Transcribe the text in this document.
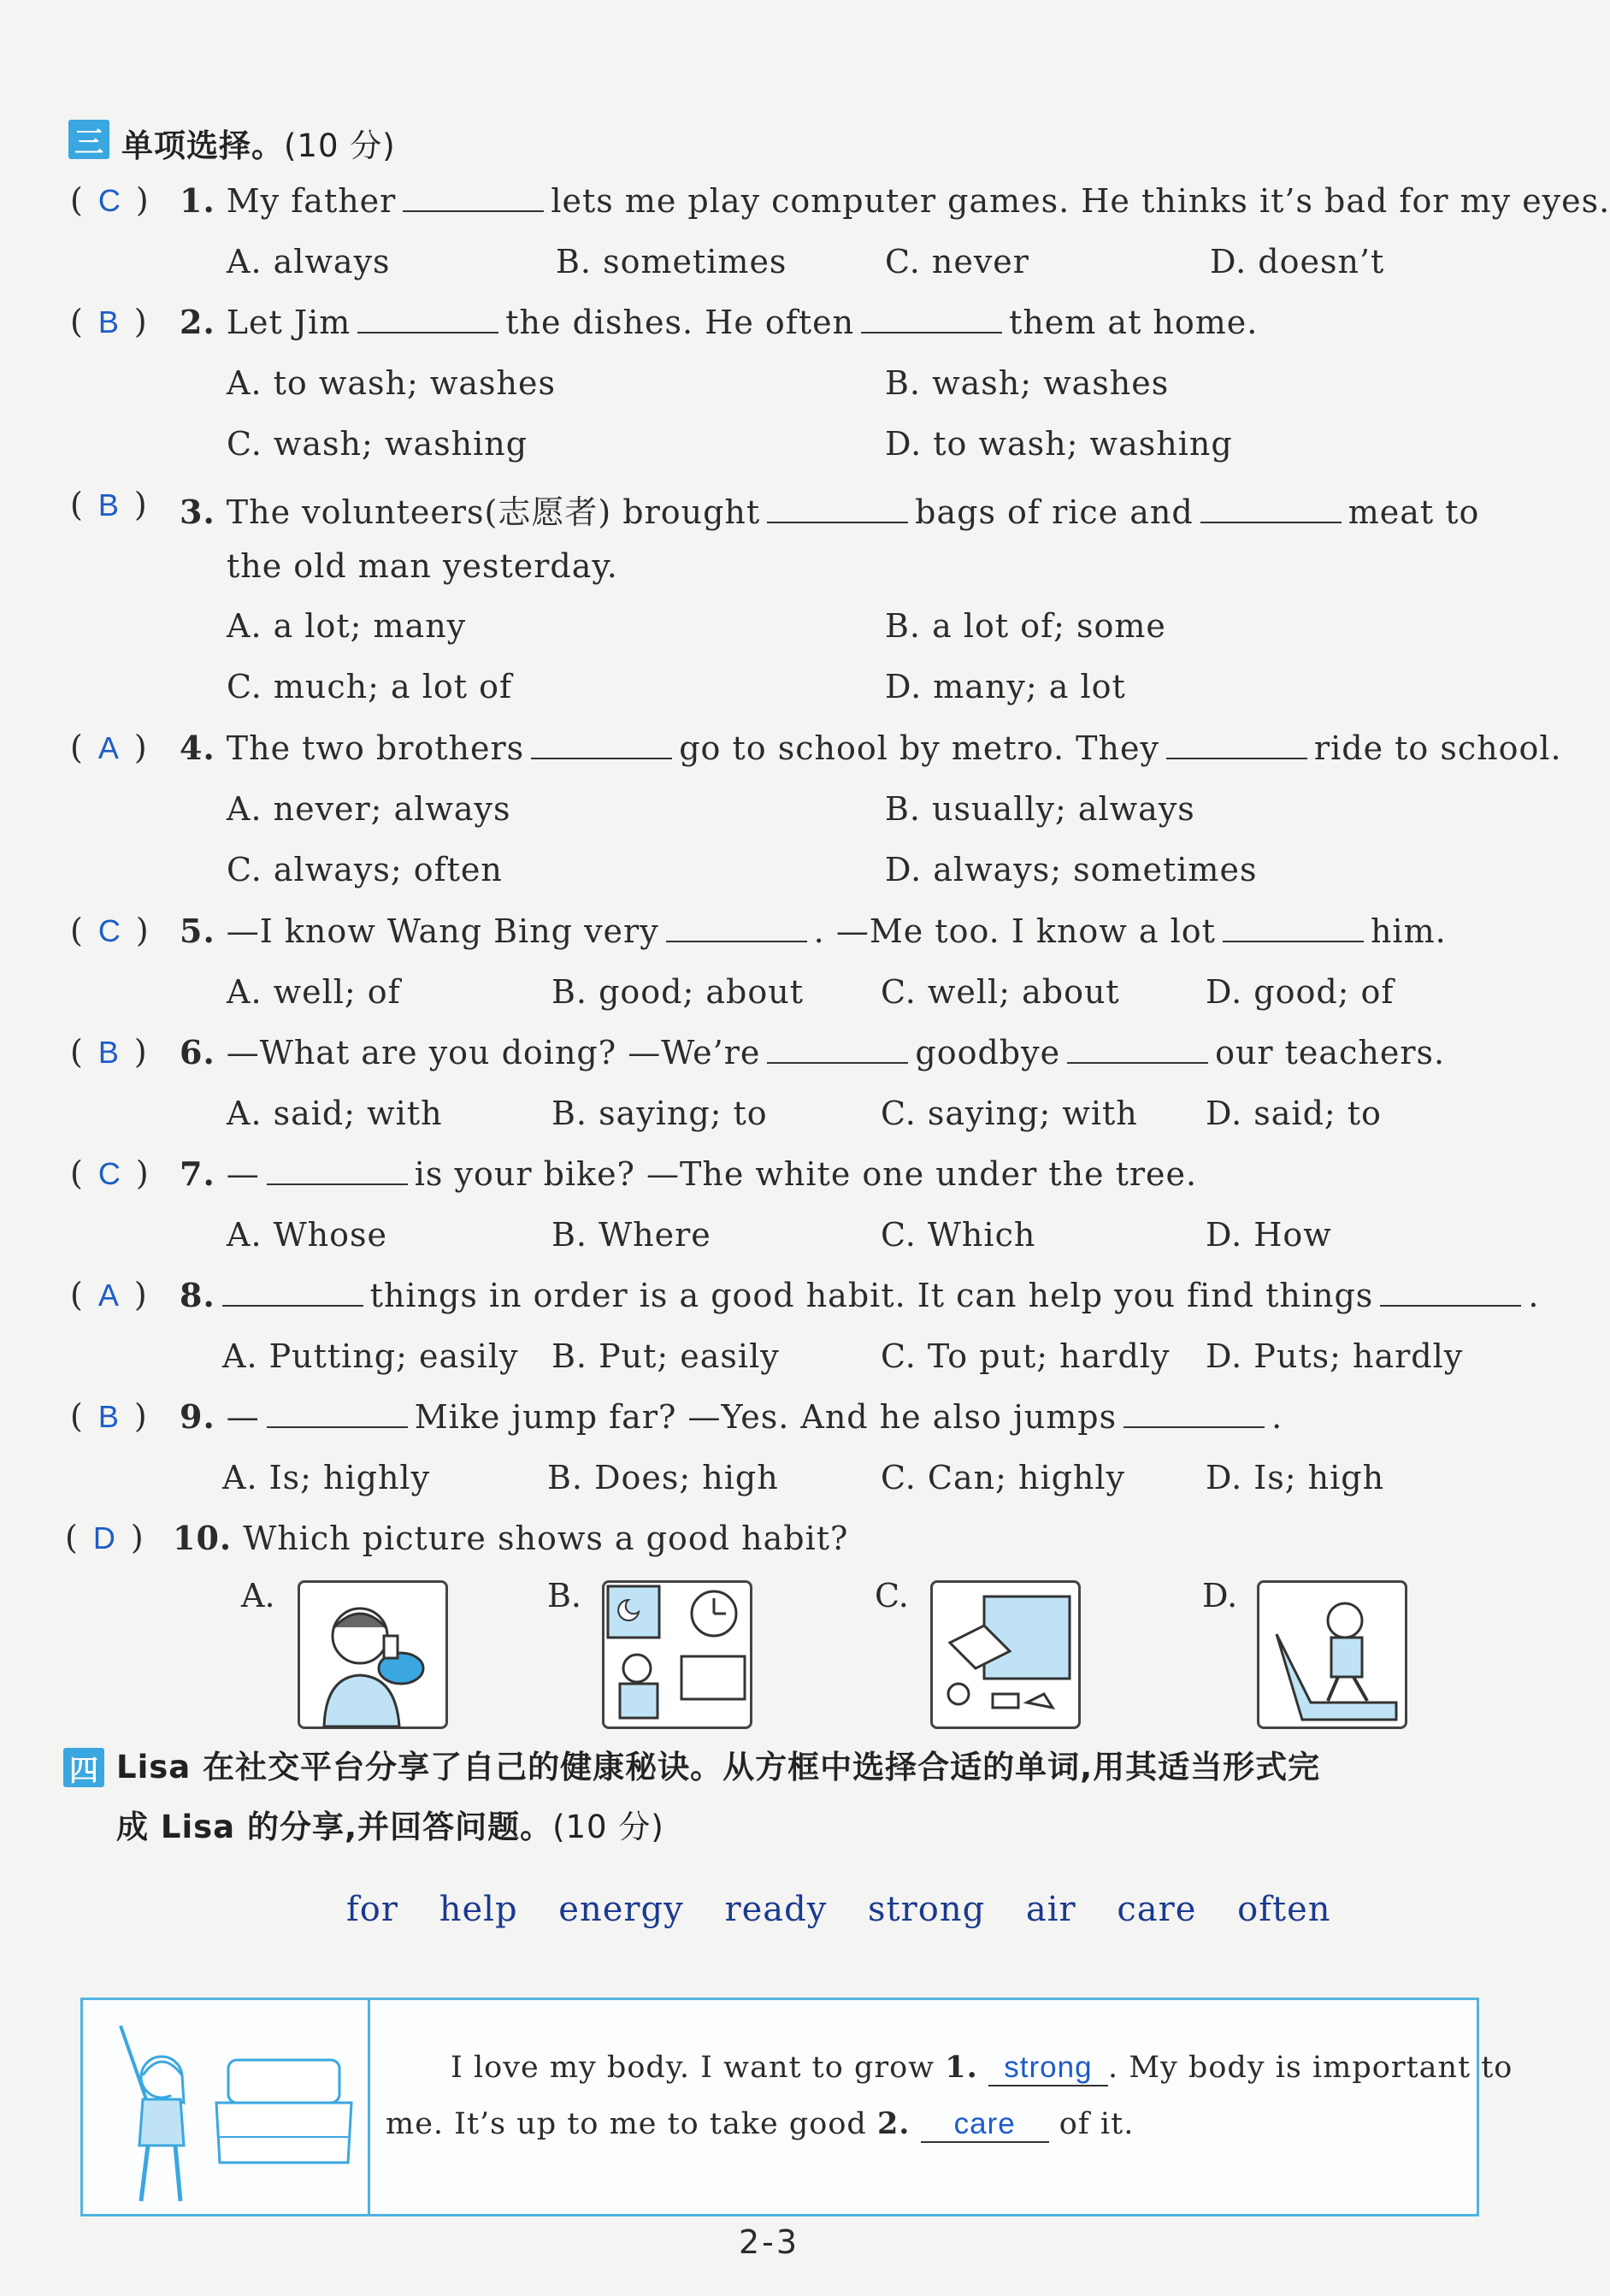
三 单项选择。(10 分)
( C ) 1. My father	lets me play computer games. He thinks it’s bad for my eyes.
A. always	B. sometimes	C. never	D. doesn’t
( B ) 2. Let Jim	the dishes. He often	them at home.
A. to wash; washes	B. wash; washes
C. wash; washing	D. to wash; washing
( B ) 3. The volunteers(志愿者) brought	bags of rice and	meat to
the old man yesterday.
A. a lot; many	B. a lot of; some
C. much; a lot of	D. many; a lot
( A ) 4. The two brothers	go to school by metro. They	ride to school.
A. never; always	B. usually; always
C. always; often	D. always; sometimes
( C ) 5. —I know Wang Bing very	. —Me too. I know a lot	him.
A. well; of	B. good; about C. well; about	D. good; of
( B ) 6. —What are you doing? —We’re	goodbye	our teachers.
A. said; with	B. saying; to	C. saying; with D. said; to
( C ) 7. —	is your bike? —The white one under the tree.
A. Whose	B. Where	C. Which	D. How
( A ) 8.	things in order is a good habit. It can help you find things	.
A. Putting; easily B. Put; easily	C. To put; hardly D. Puts; hardly
( B ) 9. —	Mike jump far? —Yes. And he also jumps	.
A. Is; highly	B. Does; high	C. Can; highly D. Is; high
( D ) 10. Which picture shows a good habit?
A.	B.	C.	D.
四 Lisa 在社交平台分享了自己的健康秘诀。从方框中选择合适的单词,用其适当形式完
成 Lisa 的分享,并回答问题。(10 分)
for help energy ready strong air care often
I love my body. I want to grow 1. strong . My body is important to
me. It’s up to me to take good 2. care of it.
2-3
